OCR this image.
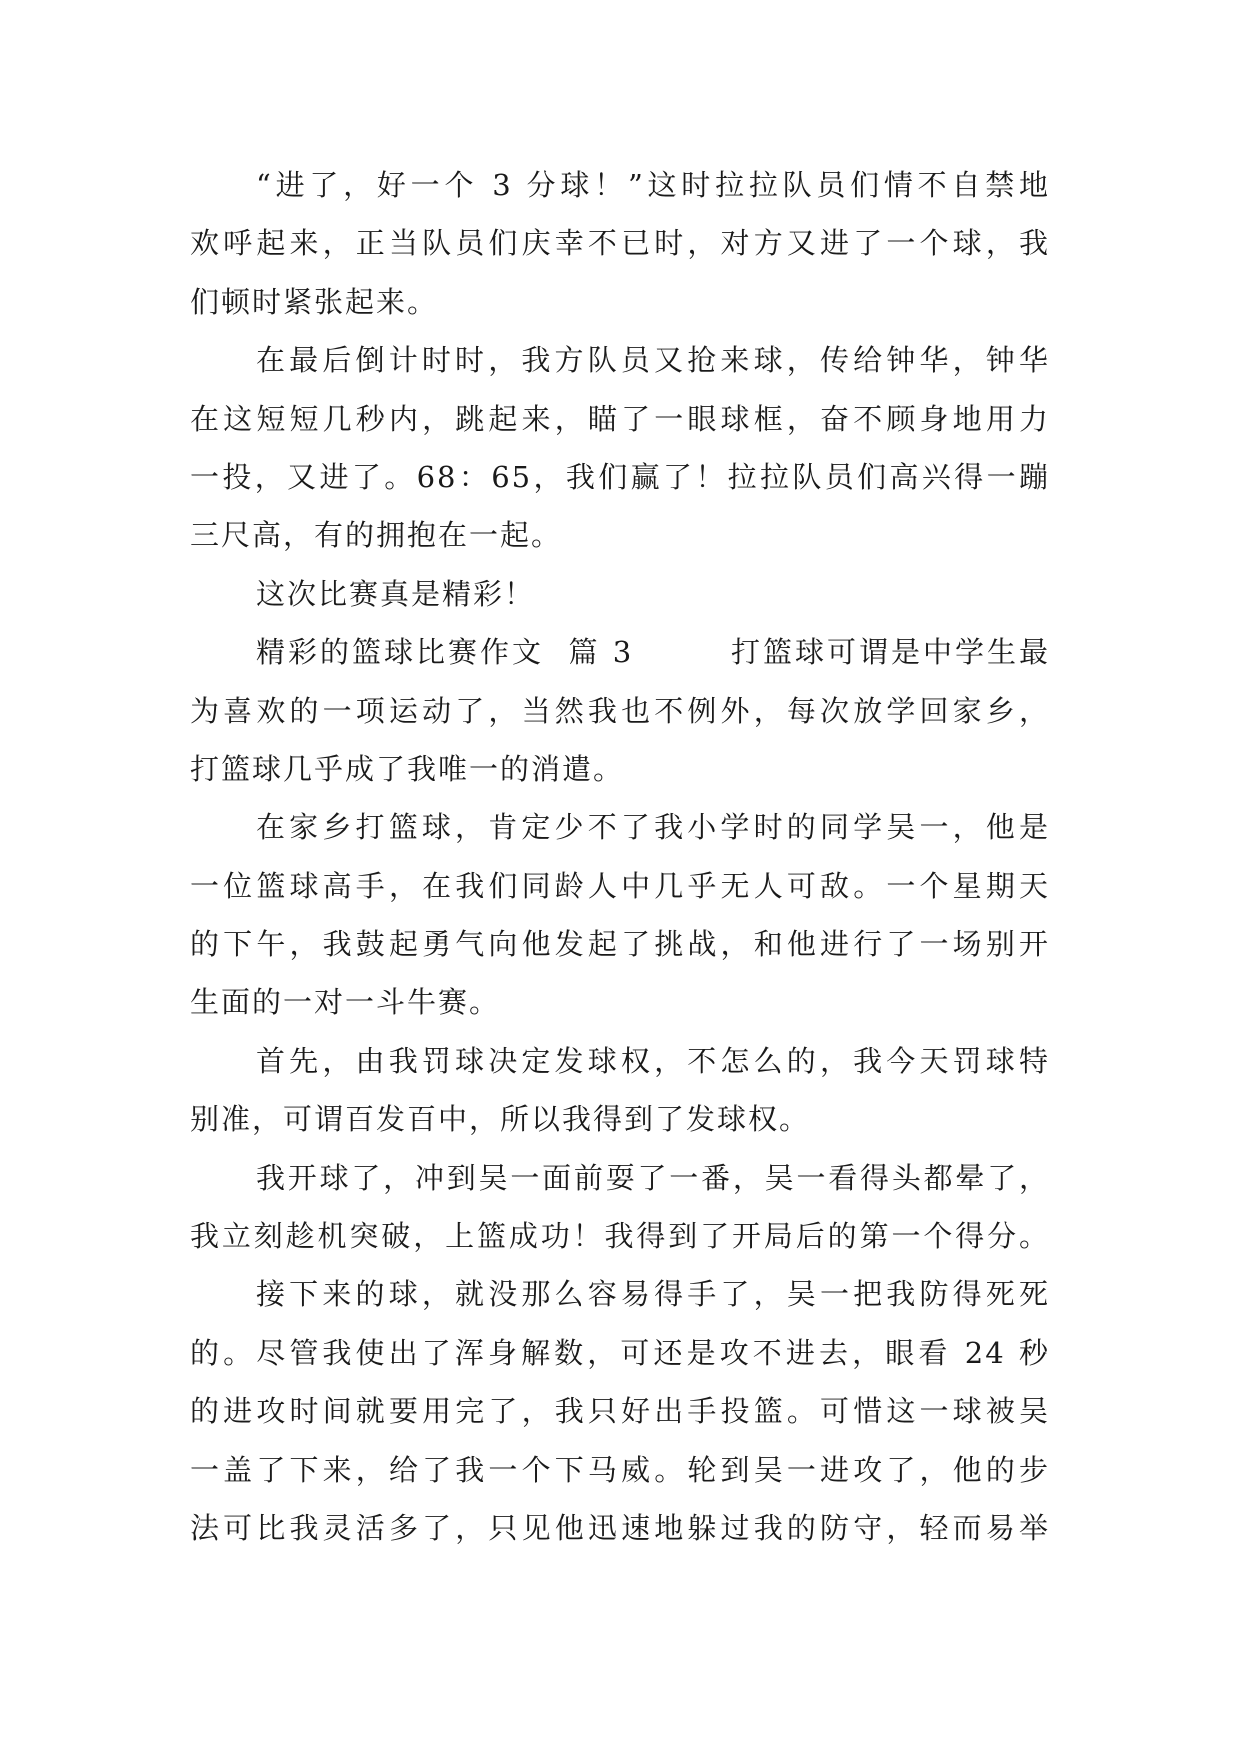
“进了，好一个 3 分球！”这时拉拉队员们情不自禁地
欢呼起来，正当队员们庆幸不已时，对方又进了一个球，我
们顿时紧张起来。
在最后倒计时时，我方队员又抢来球，传给钟华，钟华
在这短短几秒内，跳起来，瞄了一眼球框，奋不顾身地用力
一投，又进了。68：65，我们赢了！拉拉队员们高兴得一蹦
三尺高，有的拥抱在一起。
这次比赛真是精彩！
精彩的篮球比赛作文  篇 3        打篮球可谓是中学生最
为喜欢的一项运动了，当然我也不例外，每次放学回家乡，
打篮球几乎成了我唯一的消遣。
在家乡打篮球，肯定少不了我小学时的同学吴一，他是
一位篮球高手，在我们同龄人中几乎无人可敌。一个星期天
的下午，我鼓起勇气向他发起了挑战，和他进行了一场别开
生面的一对一斗牛赛。
首先，由我罚球决定发球权，不怎么的，我今天罚球特
别准，可谓百发百中，所以我得到了发球权。
我开球了，冲到吴一面前耍了一番，吴一看得头都晕了，
我立刻趁机突破，上篮成功！我得到了开局后的第一个得分。
接下来的球，就没那么容易得手了，吴一把我防得死死
的。尽管我使出了浑身解数，可还是攻不进去，眼看 24 秒
的进攻时间就要用完了，我只好出手投篮。可惜这一球被吴
一盖了下来，给了我一个下马威。轮到吴一进攻了，他的步
法可比我灵活多了，只见他迅速地躲过我的防守，轻而易举
